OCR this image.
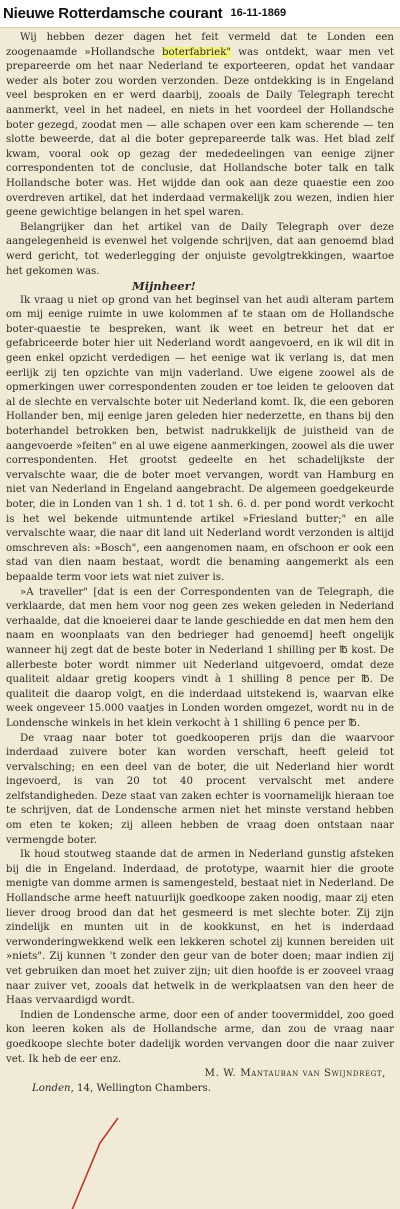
Nieuwe Rotterdamsche courant 16-11-1869

Wij hebben dezer dagen het feit vermeld dat te Londen een zoogenaamde »Hollandsche boterfabriek" was ontdekt, waar men vet prepareerde om het naar Nederland te exporteeren, opdat het vandaar weder als boter zou worden verzonden. Deze ontdekking is in Engeland veel besproken en er werd daarbij, zooals de Daily Telegraph terecht aanmerkt, veel in het nadeel, en niets in het voordeel der Hollandsche boter gezegd, zoodat men — alle schapen over een kam scherende — ten slotte beweerde, dat al die boter geprepareerde talk was. Het blad zelf kwam, vooral ook op gezag der mededeelingen van eenige zijner correspondenten tot de conclusie, dat Hollandsche boter talk en talk Hollandsche boter was. Het wijdde dan ook aan deze quaestie een zoo overdreven artikel, dat het inderdaad vermakelijk zou wezen, indien hier geene gewichtige belangen in het spel waren.

Belangrijker dan het artikel van de Daily Telegraph over deze aangelegenheid is evenwel het volgende schrijven, dat aan genoemd blad werd gericht, tot wederlegging der onjuiste gevolgtrekkingen, waartoe het gekomen was.

Mijnheer!

Ik vraag u niet op grond van het beginsel van het audi alteram partem om mij eenige ruimte in uwe kolommen af te staan om de Hollandsche boter-quaestie te bespreken, want ik weet en betreur het dat er gefabriceerde boter hier uit Nederland wordt aangevoerd, en ik wil dit in geen enkel opzicht verdedigen — het eenige wat ik verlang is, dat men eerlijk zij ten opzichte van mijn vaderland. Uwe eigene zoowel als de opmerkingen uwer correspondenten zouden er toe leiden te gelooven dat al de slechte en vervalschte boter uit Nederland komt. Ik, die een geboren Hollander ben, mij eenige jaren geleden hier nederzette, en thans bij den boterhandel betrokken ben, betwist nadrukkelijk de juistheid van de aangevoerde »feiten" en al uwe eigene aanmerkingen, zoowel als die uwer correspondenten. Het grootst gedeelte en het schadelijkste der vervalschte waar, die de boter moet vervangen, wordt van Hamburg en niet van Nederland in Engeland aangebracht. De algemeen goedgekeurde boter, die in Londen van 1 sh. 1 d. tot 1 sh. 6. d. per pond wordt verkocht is het wel bekende uitmuntende artikel »Friesland butter;" en alle vervalschte waar, die naar dit land uit Nederland wordt verzonden is altijd omschreven als: »Bosch", een aangenomen naam, en ofschoon er ook een stad van dien naam bestaat, wordt die benaming aangemerkt als een bepaalde term voor iets wat niet zuiver is.

»A traveller" [dat is een der Correspondenten van de Telegraph, die verklaarde, dat men hem voor nog geen zes weken geleden in Nederland verhaalde, dat die knoeierei daar te lande geschiedde en dat men hem den naam en woonplaats van den bedrieger had genoemd] heeft ongelijk wanneer hij zegt dat de beste boter in Nederland 1 shilling per ℔ kost. De allerbeste boter wordt nimmer uit Nederland uitgevoerd, omdat deze qualiteit aldaar gretig koopers vindt à 1 shilling 8 pence per ℔. De qualiteit die daarop volgt, en die inderdaad uitstekend is, waarvan elke week ongeveer 15.000 vaatjes in Londen worden omgezet, wordt nu in de Londensche winkels in het klein verkocht à 1 shilling 6 pence per ℔.

De vraag naar boter tot goedkooperen prijs dan die waarvoor inderdaad zuivere boter kan worden verschaft, heeft geleid tot vervalsching; en een deel van de boter, die uit Nederland hier wordt ingevoerd, is van 20 tot 40 procent vervalscht met andere zelfstandigheden. Deze staat van zaken echter is voornamelijk hieraan toe te schrijven, dat de Londensche armen niet het minste verstand hebben om eten te koken; zij alleen hebben de vraag doen ontstaan naar vermengde boter.

Ik houd stoutweg staande dat de armen in Nederland gunstig afsteken bij die in Engeland. Inderdaad, de prototype, waarnit hier die groote menigte van domme armen is samengesteld, bestaat niet in Nederland. De Hollandsche arme heeft natuurlijk goedkoope zaken noodig, maar zij eten liever droog brood dan dat het gesmeerd is met slechte boter. Zij zijn zindelijk en munten uit in de kookkunst, en het is inderdaad verwonderingwekkend welk een lekkeren schotel zij kunnen bereiden uit »niets". Zij kunnen 't zonder den geur van de boter doen; maar indien zij vet gebruiken dan moet het zuiver zijn; uit dien hoofde is er zooveel vraag naar zuiver vet, zooals dat hetwelk in de werkplaatsen van den heer de Haas vervaardigd wordt.

Indien de Londensche arme, door een of ander toovermiddel, zoo goed kon leeren koken als de Hollandsche arme, dan zou de vraag naar goedkoope slechte boter dadelijk worden vervangen door die naar zuiver vet. Ik heb de eer enz.

M. W. Mantauban van Swijndregt,

Londen, 14, Wellington Chambers.
